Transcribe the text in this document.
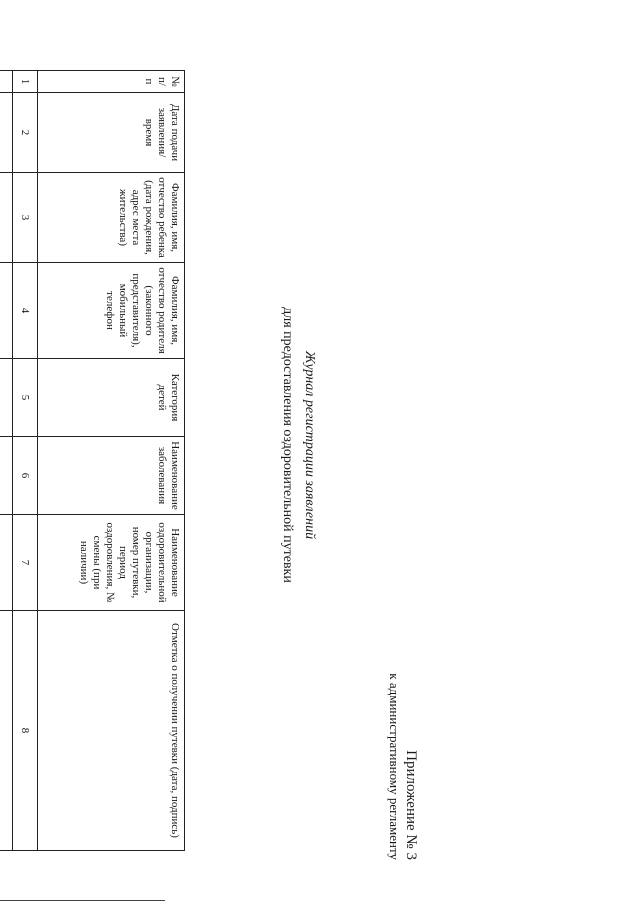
Приложение № 3
к административному регламенту
Журнал регистрации заявлений
для предоставления оздоровительной путевки
№ п/п	Дата подачи заявления/ время	Фамилия, имя, отчество ребенка (дата рождения, адрес места жительства)	Фамилия, имя, отчество родителя (законного представителя), мобильный телефон	Категория детей	Наименование заболевания	Наименование оздоровительной организации, номер путевки, период оздоровления, № смены (при наличии)	Отметка о получении путевки (дата, подпись)
1	2	3	4	5	6	7	8
